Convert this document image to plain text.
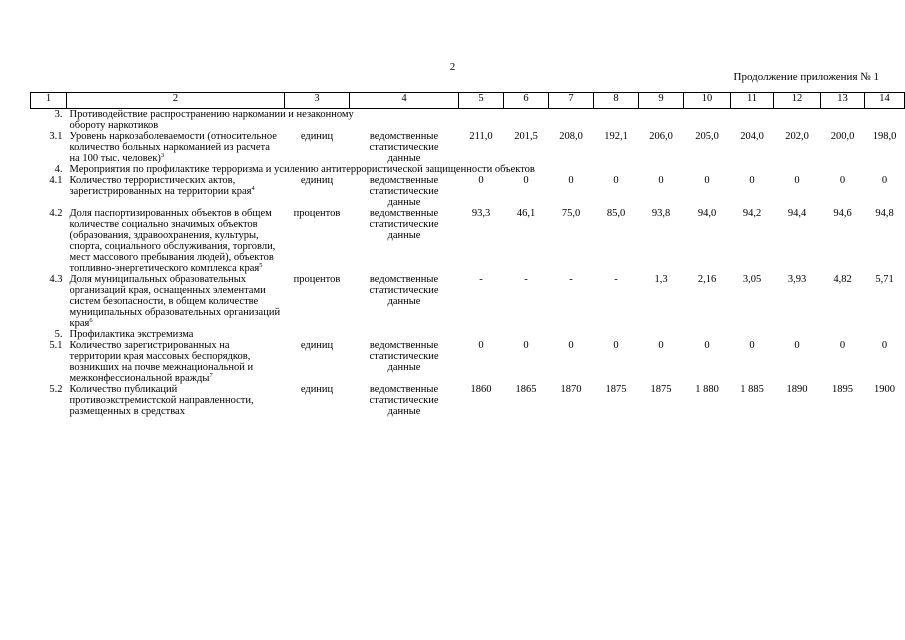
2
Продолжение приложения № 1
1	2	3	4	5	6	7	8	9	10	11	12	13	14
3.	Противодействие распространению наркомании и незаконному обороту наркотиков												
3.1	Уровень наркозаболеваемости (относительное количество больных наркоманией из расчета на 100 тыс. человек)$^3$	единиц	ведомственные статистические данные	211,0	201,5	208,0	192,1	206,0	205,0	204,0	202,0	200,0	198,0
4.	Мероприятия по профилактике терроризма и усилению антитеррористической защищенности объектов												
4.1	Количество террористических актов, зарегистрированных на территории края$^4$	единиц	ведомственные статистические данные	0	0	0	0	0	0	0	0	0	0
4.2	Доля паспортизированных объектов в общем количестве социально значимых объектов (образования, здравоохранения, культуры, спорта, социального обслуживания, торговли, мест массового пребывания людей), объектов топливно-энергетического комплекса края$^5$	процентов	ведомственные статистические данные	93,3	46,1	75,0	85,0	93,8	94,0	94,2	94,4	94,6	94,8
4.3	Доля муниципальных образовательных организаций края, оснащенных элементами систем безопасности, в общем количестве муниципальных образовательных организаций края$^6$	процентов	ведомственные статистические данные	-	-	-	-	1,3	2,16	3,05	3,93	4,82	5,71
5.	Профилактика экстремизма												
5.1	Количество зарегистрированных на территории края массовых беспорядков, возникших на почве межнациональной и межконфессиональной вражды$^7$	единиц	ведомственные статистические данные	0	0	0	0	0	0	0	0	0	0
5.2	Количество публикаций противоэкстремистской направленности, размещенных в средствах	единиц	ведомственные статистические данные	1860	1865	1870	1875	1875	1 880	1 885	1890	1895	1900
